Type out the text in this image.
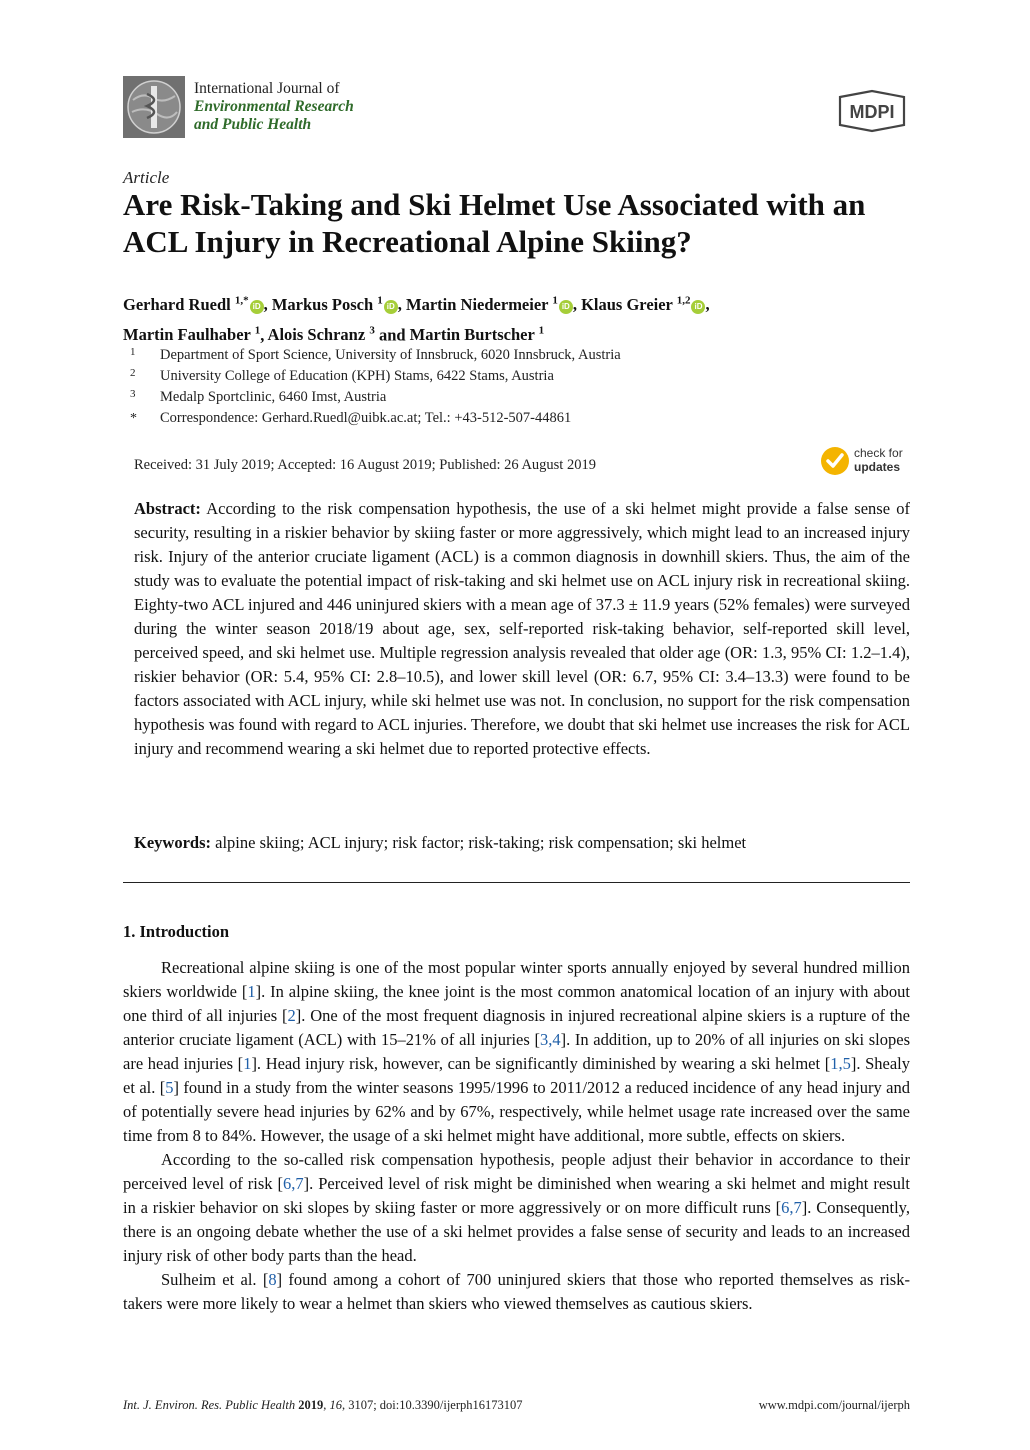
International Journal of
Environmental Research
and Public Health
MDPI
Article
Are Risk-Taking and Ski Helmet Use Associated with an ACL Injury in Recreational Alpine Skiing?
Gerhard Ruedl $^{1,*}$ iD , Markus Posch $^1$ iD , Martin Niedermeier $^1$ iD , Klaus Greier $^{1,2}$ iD ,
Martin Faulhaber $^1$, Alois Schranz $^3$ and Martin Burtscher $^1$
1	Department of Sport Science, University of Innsbruck, 6020 Innsbruck, Austria
2	University College of Education (KPH) Stams, 6422 Stams, Austria
3	Medalp Sportclinic, 6460 Imst, Austria
*	Correspondence: Gerhard.Ruedl@uibk.ac.at; Tel.: +43-512-507-44861
Received: 31 July 2019; Accepted: 16 August 2019; Published: 26 August 2019
check for
updates
Abstract: According to the risk compensation hypothesis, the use of a ski helmet might provide a false sense of security, resulting in a riskier behavior by skiing faster or more aggressively, which might lead to an increased injury risk. Injury of the anterior cruciate ligament (ACL) is a common diagnosis in downhill skiers. Thus, the aim of the study was to evaluate the potential impact of risk-taking and ski helmet use on ACL injury risk in recreational skiing. Eighty-two ACL injured and 446 uninjured skiers with a mean age of 37.3 ± 11.9 years (52% females) were surveyed during the winter season 2018/19 about age, sex, self-reported risk-taking behavior, self-reported skill level, perceived speed, and ski helmet use. Multiple regression analysis revealed that older age (OR: 1.3, 95% CI: 1.2–1.4), riskier behavior (OR: 5.4, 95% CI: 2.8–10.5), and lower skill level (OR: 6.7, 95% CI: 3.4–13.3) were found to be factors associated with ACL injury, while ski helmet use was not. In conclusion, no support for the risk compensation hypothesis was found with regard to ACL injuries. Therefore, we doubt that ski helmet use increases the risk for ACL injury and recommend wearing a ski helmet due to reported protective effects.
Keywords: alpine skiing; ACL injury; risk factor; risk-taking; risk compensation; ski helmet
1. Introduction

Recreational alpine skiing is one of the most popular winter sports annually enjoyed by several hundred million skiers worldwide [1]. In alpine skiing, the knee joint is the most common anatomical location of an injury with about one third of all injuries [2]. One of the most frequent diagnosis in injured recreational alpine skiers is a rupture of the anterior cruciate ligament (ACL) with 15–21% of all injuries [3,4]. In addition, up to 20% of all injuries on ski slopes are head injuries [1]. Head injury risk, however, can be significantly diminished by wearing a ski helmet [1,5]. Shealy et al. [5] found in a study from the winter seasons 1995/1996 to 2011/2012 a reduced incidence of any head injury and of potentially severe head injuries by 62% and by 67%, respectively, while helmet usage rate increased over the same time from 8 to 84%. However, the usage of a ski helmet might have additional, more subtle, effects on skiers.

According to the so-called risk compensation hypothesis, people adjust their behavior in accordance to their perceived level of risk [6,7]. Perceived level of risk might be diminished when wearing a ski helmet and might result in a riskier behavior on ski slopes by skiing faster or more aggressively or on more difficult runs [6,7]. Consequently, there is an ongoing debate whether the use of a ski helmet provides a false sense of security and leads to an increased injury risk of other body parts than the head.

Sulheim et al. [8] found among a cohort of 700 uninjured skiers that those who reported themselves as risk-takers were more likely to wear a helmet than skiers who viewed themselves as cautious skiers.

Int. J. Environ. Res. Public Health 2019, 16, 3107; doi:10.3390/ijerph16173107	www.mdpi.com/journal/ijerph
